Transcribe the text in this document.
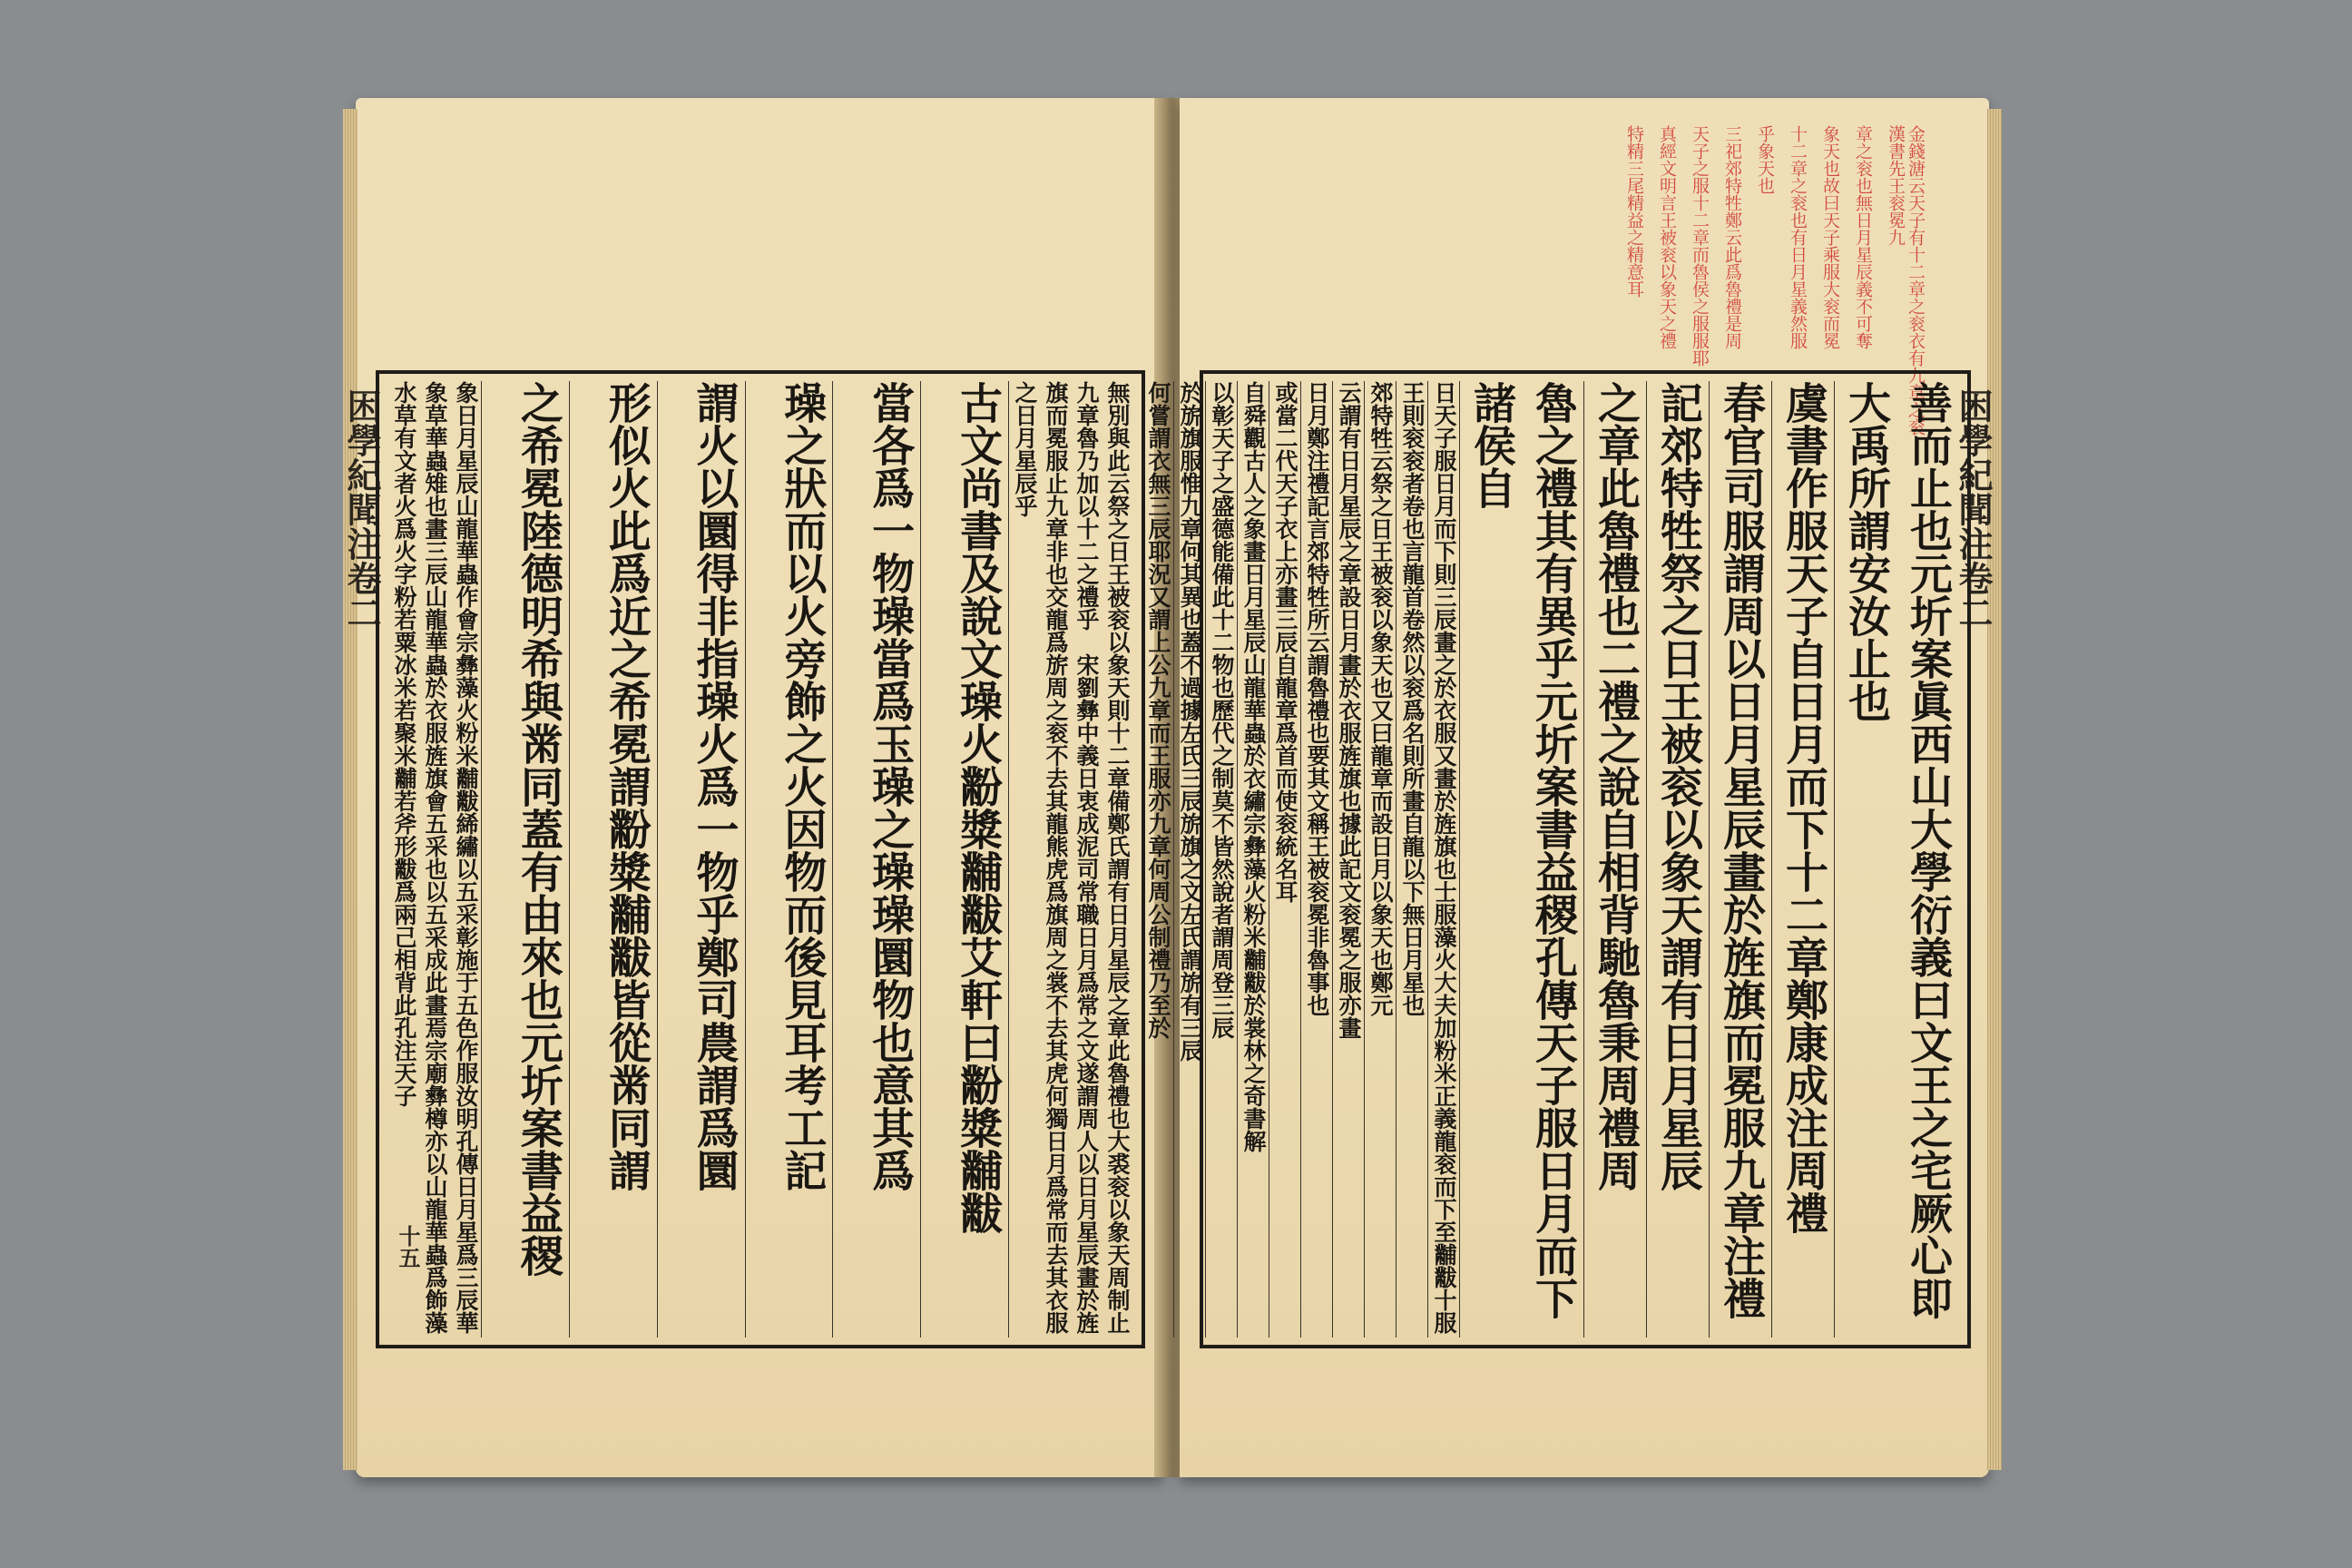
困學紀聞注卷二	無別與此云祭之日王被衮以象天則十二章備鄭氏謂有日月星辰之章此魯禮也大裘衮以象天周制止九章魯乃加以十二之禮乎　宋劉彝中義日衷成泥司常職日月爲常之文遂謂周人以日月星辰畫於旌旗而冕服止九章非也交龍爲旂周之衮不去其龍熊虎爲旗周之裳不去其虎何獨日月爲常而去其衣服之日月星辰乎
古文尚書及說文璪火黺䊢黼黻艾軒曰黺䊢黼黻
當各爲一物璪當爲玉璪之璪璪圜物也意其爲
璪之狀而以火旁飾之火因物而後見耳考工記
謂火以圜得非指璪火爲一物乎鄭司農謂爲圜
形似火此爲近之希冕謂黺䊢黼黻皆從黹同謂
之希冕陸德明希與黹同蓋有由來也元圻案書益稷
象日月星辰山龍華蟲作會宗彝藻火粉米黼黻絺繡以五采彰施于五色作服汝明孔傳日月星爲三辰華象草華蟲雉也畫三辰山龍華蟲於衣服旌旗會五采也以五采成此畫焉宗廟彝樽亦以山龍華蟲爲飾藻水草有文者火爲火字粉若粟冰米若聚米黼若斧形黻爲兩己相背此孔注天子
十五
金錢溏云天子有十二章之衮衣有九章之衮漢書先王衮冕九
章之衮也無日月星辰義不可奪
象天也故曰天子乘服大衮而冕
十二章之衮也有日月星義然服
乎象天也
三祀郊特牲鄭云此爲魯禮是周
天子之服十二章而魯侯之服服耶
真經文明言王被衮以象天之禮
特精三尾精益之精意耳
困學紀聞注卷二
善而止也元圻案眞西山大學衍義曰文王之宅厥心即大禹所謂安汝止也
虞書作服天子自日月而下十二章鄭康成注周禮
春官司服謂周以日月星辰畫於旌旗而冕服九章注禮
記郊特牲祭之日王被衮以象天謂有日月星辰
之章此魯禮也二禮之說自相背馳魯秉周禮周
魯之禮其有異乎元圻案書益稷孔傳天子服日月而下諸侯自
日天子服日月而下則三辰畫之於衣服又畫於旌旗也士服藻火大夫加粉米正義龍衮而下至黼黻十服
王則衮衮者卷也言龍首卷然以衮爲名則所畫自龍以下無日月星也
郊特牲云祭之日王被衮以象天也又曰龍章而設日月以象天也鄭元
云謂有日月星辰之章設日月畫於衣服旌旗也據此記文衮冕之服亦畫
日月鄭注禮記言郊特牲所云謂魯禮也要其文稱王被衮冕非魯事也
或當二代天子衣上亦畫三辰自龍章爲首而使衮統名耳
自舜觀古人之象畫日月星辰山龍華蟲於衣繡宗彝藻火粉米黼黻於裳林之奇書解
以彰天子之盛德能備此十二物也歷代之制莫不皆然說者謂周登三辰
於旂旗服惟九章何其異也蓋不過據左氏三辰旂旗之文左氏謂旂有三辰
何嘗謂衣無三辰耶況又謂上公九章而王服亦九章何周公制禮乃至於
